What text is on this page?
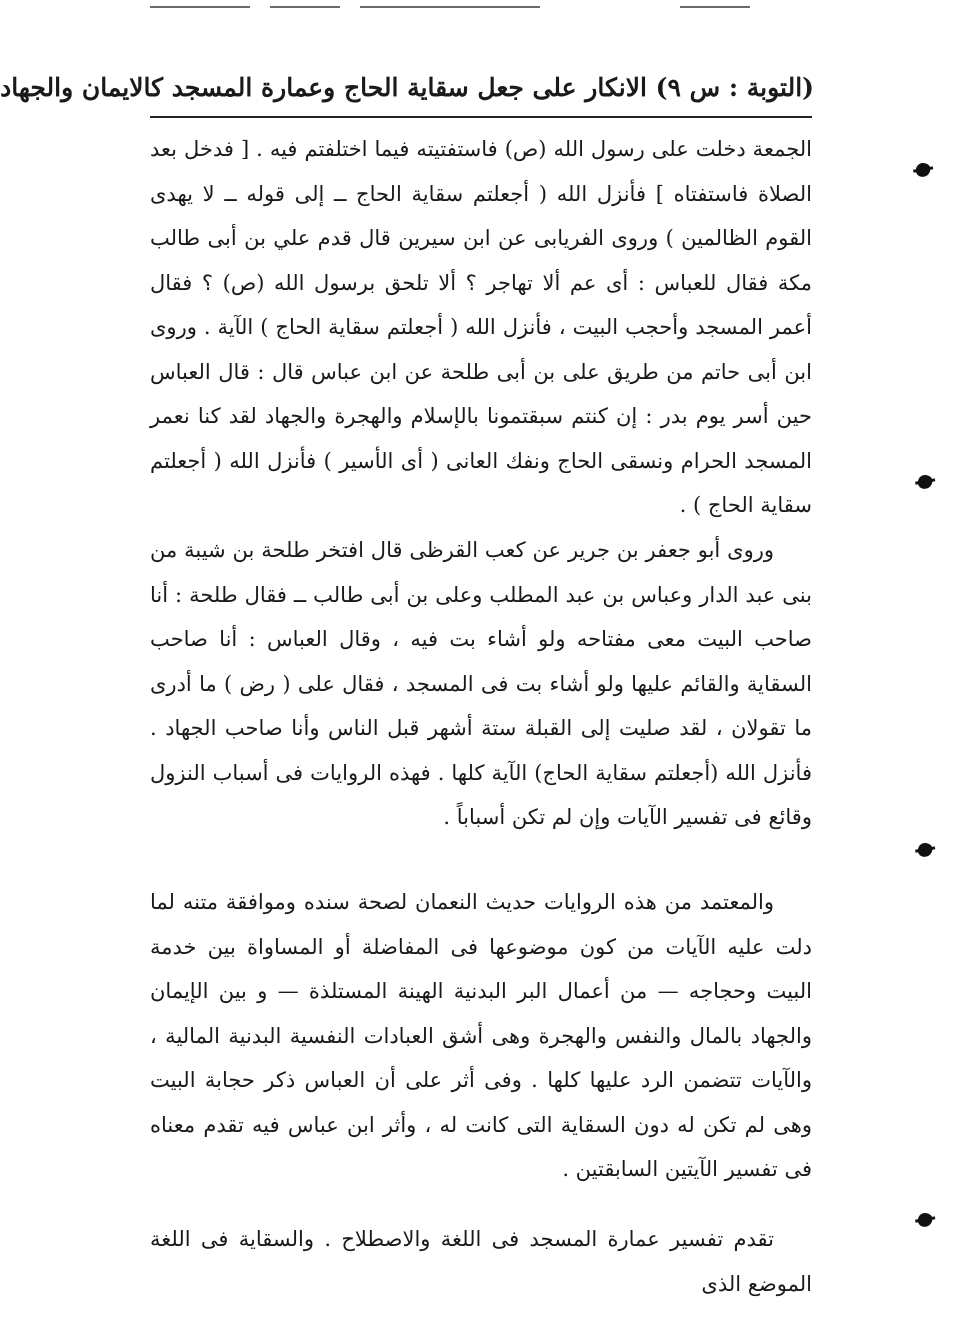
(التوبة : س ٩) الانكار على جعل سقاية الحاج وعمارة المسجد كالايمان والجهاد

الجمعة دخلت على رسول الله (ص) فاستفتيته فيما اختلفتم فيه . [ فدخل بعد الصلاة فاستفتاه ] فأنزل الله ( أجعلتم سقاية الحاج ــ إلى قوله ــ لا يهدى القوم الظالمين ) وروى الفريابى عن ابن سيرين قال قدم علي بن أبى طالب مكة فقال للعباس : أى عم ألا تهاجر ؟ ألا تلحق برسول الله (ص) ؟ فقال أعمر المسجد وأحجب البيت ، فأنزل الله ( أجعلتم سقاية الحاج ) الآية . وروى ابن أبى حاتم من طريق على بن أبى طلحة عن ابن عباس قال : قال العباس حين أسر يوم بدر : إن كنتم سبقتمونا بالإسلام والهجرة والجهاد لقد كنا نعمر المسجد الحرام ونسقى الحاج ونفك العانى ( أى الأسير ) فأنزل الله ( أجعلتم سقاية الحاج ) .

وروى أبو جعفر بن جرير عن كعب القرظى قال افتخر طلحة بن شيبة من بنى عبد الدار وعباس بن عبد المطلب وعلى بن أبى طالب ــ فقال طلحة : أنا صاحب البيت معى مفتاحه ولو أشاء بت فيه ، وقال العباس : أنا صاحب السقاية والقائم عليها ولو أشاء بت فى المسجد ، فقال على ( رض ) ما أدرى ما تقولان ، لقد صليت إلى القبلة ستة أشهر قبل الناس وأنا صاحب الجهاد . فأنزل الله (أجعلتم سقاية الحاج) الآية كلها . فهذه الروايات فى أسباب النزول وقائع فى تفسير الآيات وإن لم تكن أسباباً .

والمعتمد من هذه الروايات حديث النعمان لصحة سنده وموافقة متنه لما دلت عليه الآيات من كون موضوعها فى المفاضلة أو المساواة بين خدمة البيت وحجاجه — من أعمال البر البدنية الهينة المستلذة — و بين الإيمان والجهاد بالمال والنفس والهجرة وهى أشق العبادات النفسية البدنية المالية ، والآيات تتضمن الرد عليها كلها . وفى أثر على أن العباس ذكر حجابة البيت وهى لم تكن له دون السقاية التى كانت له ، وأثر ابن عباس فيه تقدم معناه فى تفسير الآيتين السابقتين .

تقدم تفسير عمارة المسجد فى اللغة والاصطلاح . والسقاية فى اللغة الموضع الذى
